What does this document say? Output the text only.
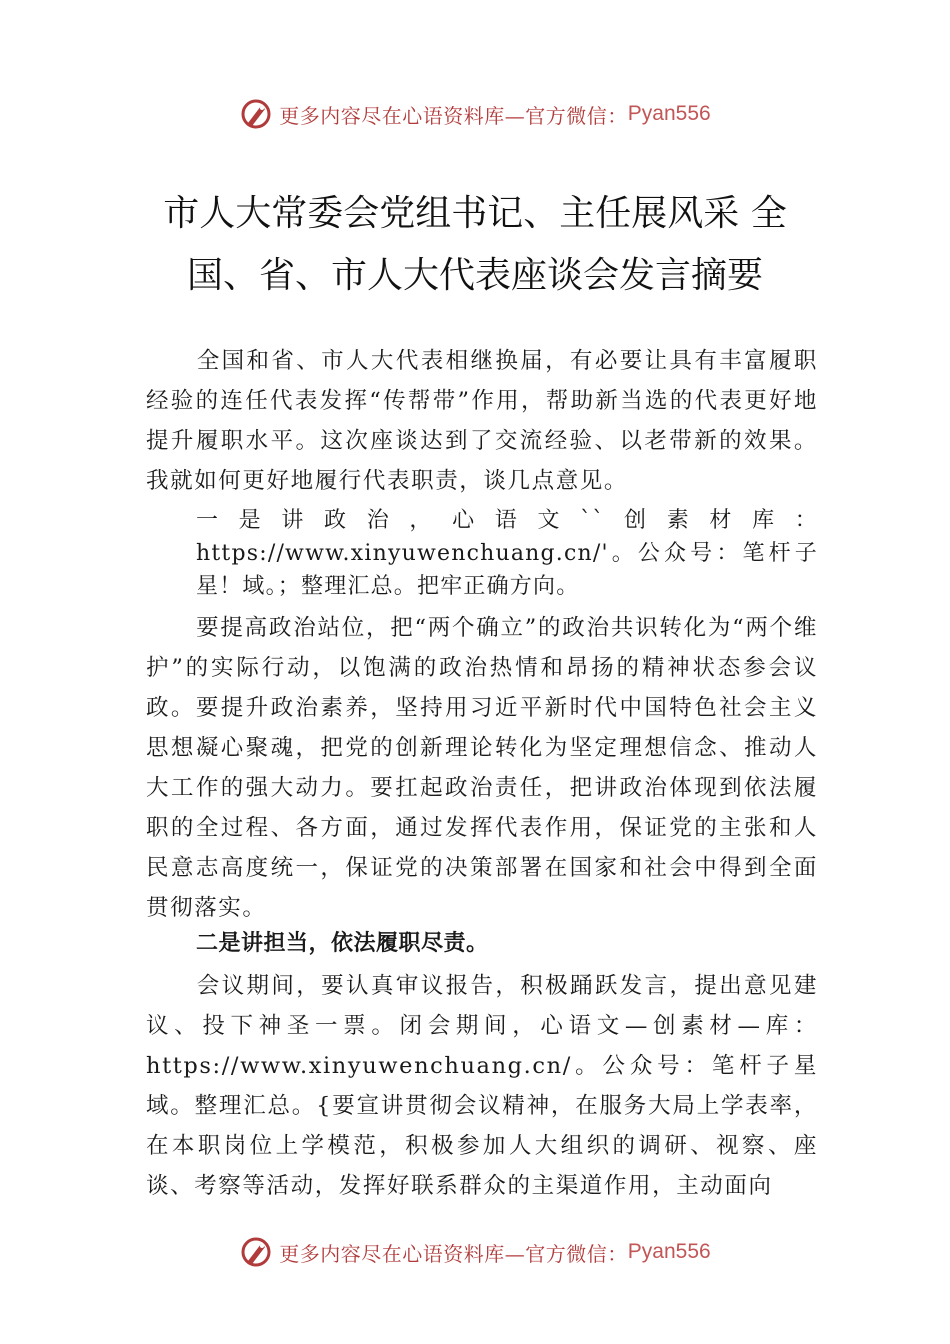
更多内容尽在心语资料库—官方微信： Pyan556
市人大常委会党组书记、主任展风采 全国、省、市人大代表座谈会发言摘要

全国和省、市人大代表相继换届，有必要让具有丰富履职经验的连任代表发挥“传帮带”作用，帮助新当选的代表更好地提升履职水平。这次座谈达到了交流经验、以老带新的效果。我就如何更好地履行代表职责，谈几点意见。

一是讲政治，心语文``创素材库：https://www.xinyuwenchuang.cn/'。公众号：笔杆子星！域。；整理汇总。把牢正确方向。

要提高政治站位，把“两个确立”的政治共识转化为“两个维护”的实际行动，以饱满的政治热情和昂扬的精神状态参会议政。要提升政治素养，坚持用习近平新时代中国特色社会主义思想凝心聚魂，把党的创新理论转化为坚定理想信念、推动人大工作的强大动力。要扛起政治责任，把讲政治体现到依法履职的全过程、各方面，通过发挥代表作用，保证党的主张和人民意志高度统一，保证党的决策部署在国家和社会中得到全面贯彻落实。

二是讲担当，依法履职尽责。

会议期间，要认真审议报告，积极踊跃发言，提出意见建议、投下神圣一票。闭会期间，心语文—创素材—库：https://www.xinyuwenchuang.cn/。公众号：笔杆子星域。整理汇总。{要宣讲贯彻会议精神，在服务大局上学表率，在本职岗位上学模范，积极参加人大组织的调研、视察、座谈、考察等活动，发挥好联系群众的主渠道作用，主动面向

更多内容尽在心语资料库—官方微信： Pyan556
